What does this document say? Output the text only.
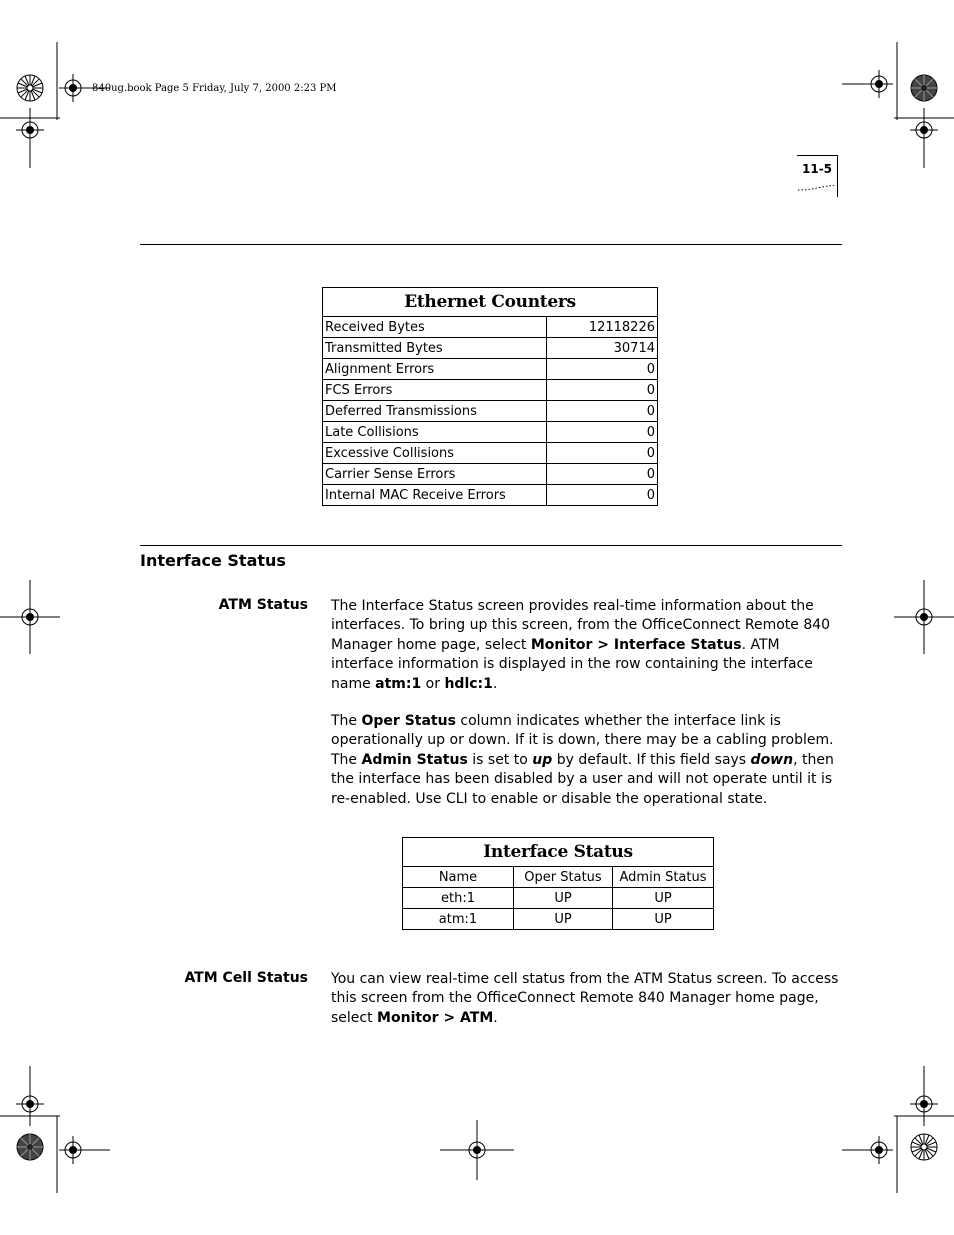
840ug.book Page 5 Friday, July 7, 2000 2:23 PM
11-5
Ethernet Counters	
Received Bytes	12118226
Transmitted Bytes	30714
Alignment Errors	0
FCS Errors	0
Deferred Transmissions	0
Late Collisions	0
Excessive Collisions	0
Carrier Sense Errors	0
Internal MAC Receive Errors	0
Interface Status
ATM Status The Interface Status screen provides real-time information about the interfaces. To bring up this screen, from the OfficeConnect Remote 840 Manager home page, select Monitor > Interface Status. ATM interface information is displayed in the row containing the interface name atm:1 or hdlc:1.
The Oper Status column indicates whether the interface link is operationally up or down. If it is down, there may be a cabling problem. The Admin Status is set to up by default. If this field says down, then the interface has been disabled by a user and will not operate until it is re-enabled. Use CLI to enable or disable the operational state.
Interface Status		
Name	Oper Status	Admin Status
eth:1	UP	UP
atm:1	UP	UP
ATM Cell Status You can view real-time cell status from the ATM Status screen. To access this screen from the OfficeConnect Remote 840 Manager home page, select Monitor > ATM.
